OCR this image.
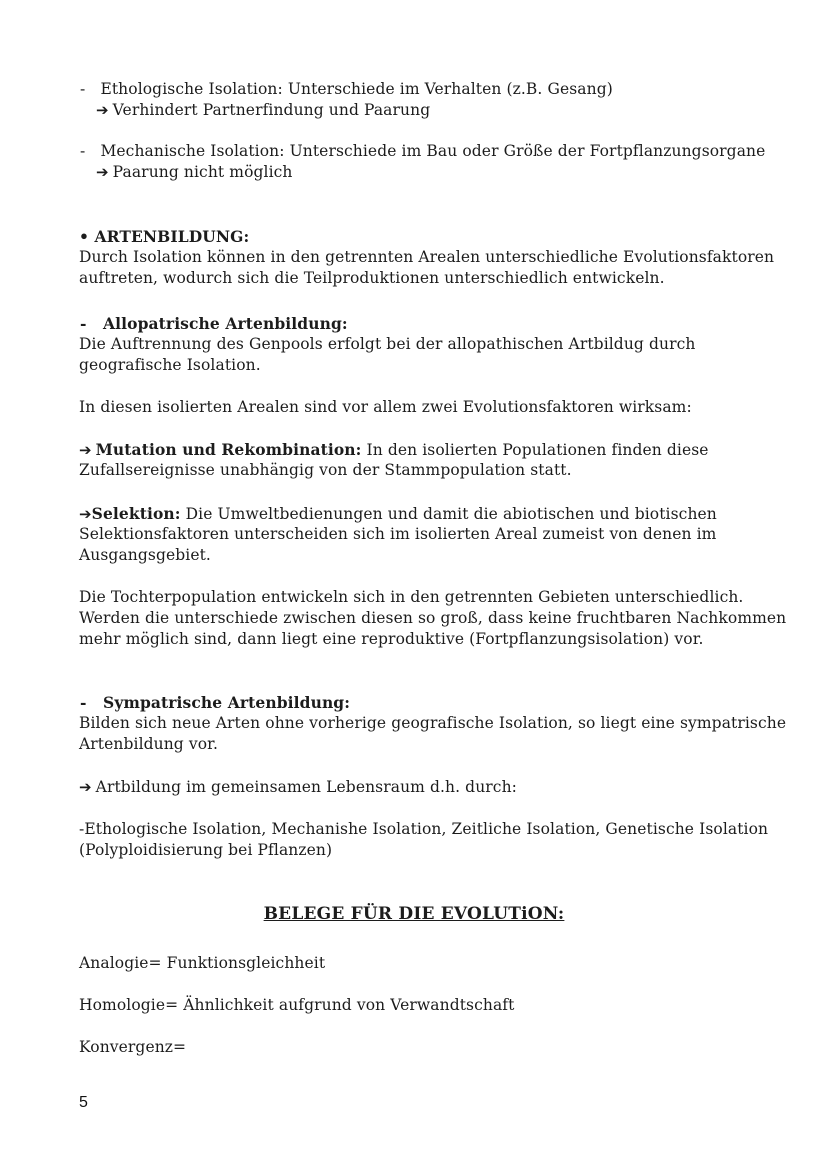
- Ethologische Isolation: Unterschiede im Verhalten (z.B. Gesang)
➔ Verhindert Partnerfindung und Paarung
- Mechanische Isolation: Unterschiede im Bau oder Größe der Fortpflanzungsorgane
➔ Paarung nicht möglich
• ARTENBILDUNG:
Durch Isolation können in den getrennten Arealen unterschiedliche Evolutionsfaktoren
auftreten, wodurch sich die Teilproduktionen unterschiedlich entwickeln.
- Allopatrische Artenbildung:
Die Auftrennung des Genpools erfolgt bei der allopathischen Artbildug durch
geografische Isolation.
In diesen isolierten Arealen sind vor allem zwei Evolutionsfaktoren wirksam:
➔ Mutation und Rekombination: In den isolierten Populationen finden diese
Zufallsereignisse unabhängig von der Stammpopulation statt.
➔Selektion: Die Umweltbedienungen und damit die abiotischen und biotischen
Selektionsfaktoren unterscheiden sich im isolierten Areal zumeist von denen im
Ausgangsgebiet.
Die Tochterpopulation entwickeln sich in den getrennten Gebieten unterschiedlich.
Werden die unterschiede zwischen diesen so groß, dass keine fruchtbaren Nachkommen
mehr möglich sind, dann liegt eine reproduktive (Fortpflanzungsisolation) vor.
- Sympatrische Artenbildung:
Bilden sich neue Arten ohne vorherige geografische Isolation, so liegt eine sympatrische
Artenbildung vor.
➔ Artbildung im gemeinsamen Lebensraum d.h. durch:
-Ethologische Isolation, Mechanishe Isolation, Zeitliche Isolation, Genetische Isolation
(Polyploidisierung bei Pflanzen)
BELEGE FÜR DIE EVOLUTiON:
Analogie= Funktionsgleichheit
Homologie= Ähnlichkeit aufgrund von Verwandtschaft
Konvergenz=
5
